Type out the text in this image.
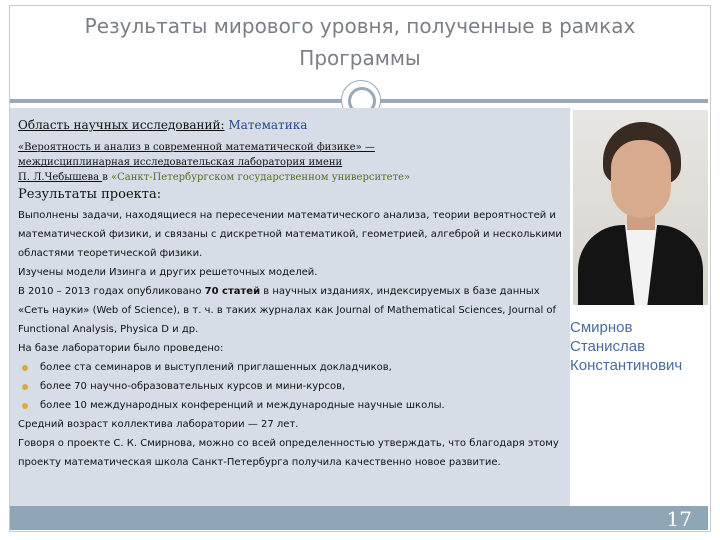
Результаты мирового уровня, полученные в рамках
Программы
Область научных исследований: Математика
«Вероятность и анализ в современной математической физике» —
междисциплинарная исследовательская лаборатория имени
П. Л.Чебышева в «Санкт-Петербургском государственном университете»
Результаты проекта:

Выполнены задачи, находящиеся на пересечении математического анализа, теории вероятностей и математической физики, и связаны с дискретной математикой, геометрией, алгеброй и несколькими областями теоретической физики.

Изучены модели Изинга и других решеточных моделей.

В 2010 – 2013 годах опубликовано 70 статей в научных изданиях, индексируемых в базе данных «Сеть науки» (Web of Science), в т. ч. в таких журналах как Journal of Mathematical Sciences, Journal of Functional Analysis, Physica D и др.

На базе лаборатории было проведено:

более ста семинаров и выступлений приглашенных докладчиков,

более 70 научно-образовательных курсов и мини-курсов,

более 10 международных конференций и международные научные школы.

Средний возраст коллектива лаборатории — 27 лет.

Говоря о проекте С. К. Смирнова, можно со всей определенностью утверждать, что благодаря этому проекту математическая школа Санкт-Петербурга получила качественно новое развитие.

Смирнов
Станислав
Константинович
17
